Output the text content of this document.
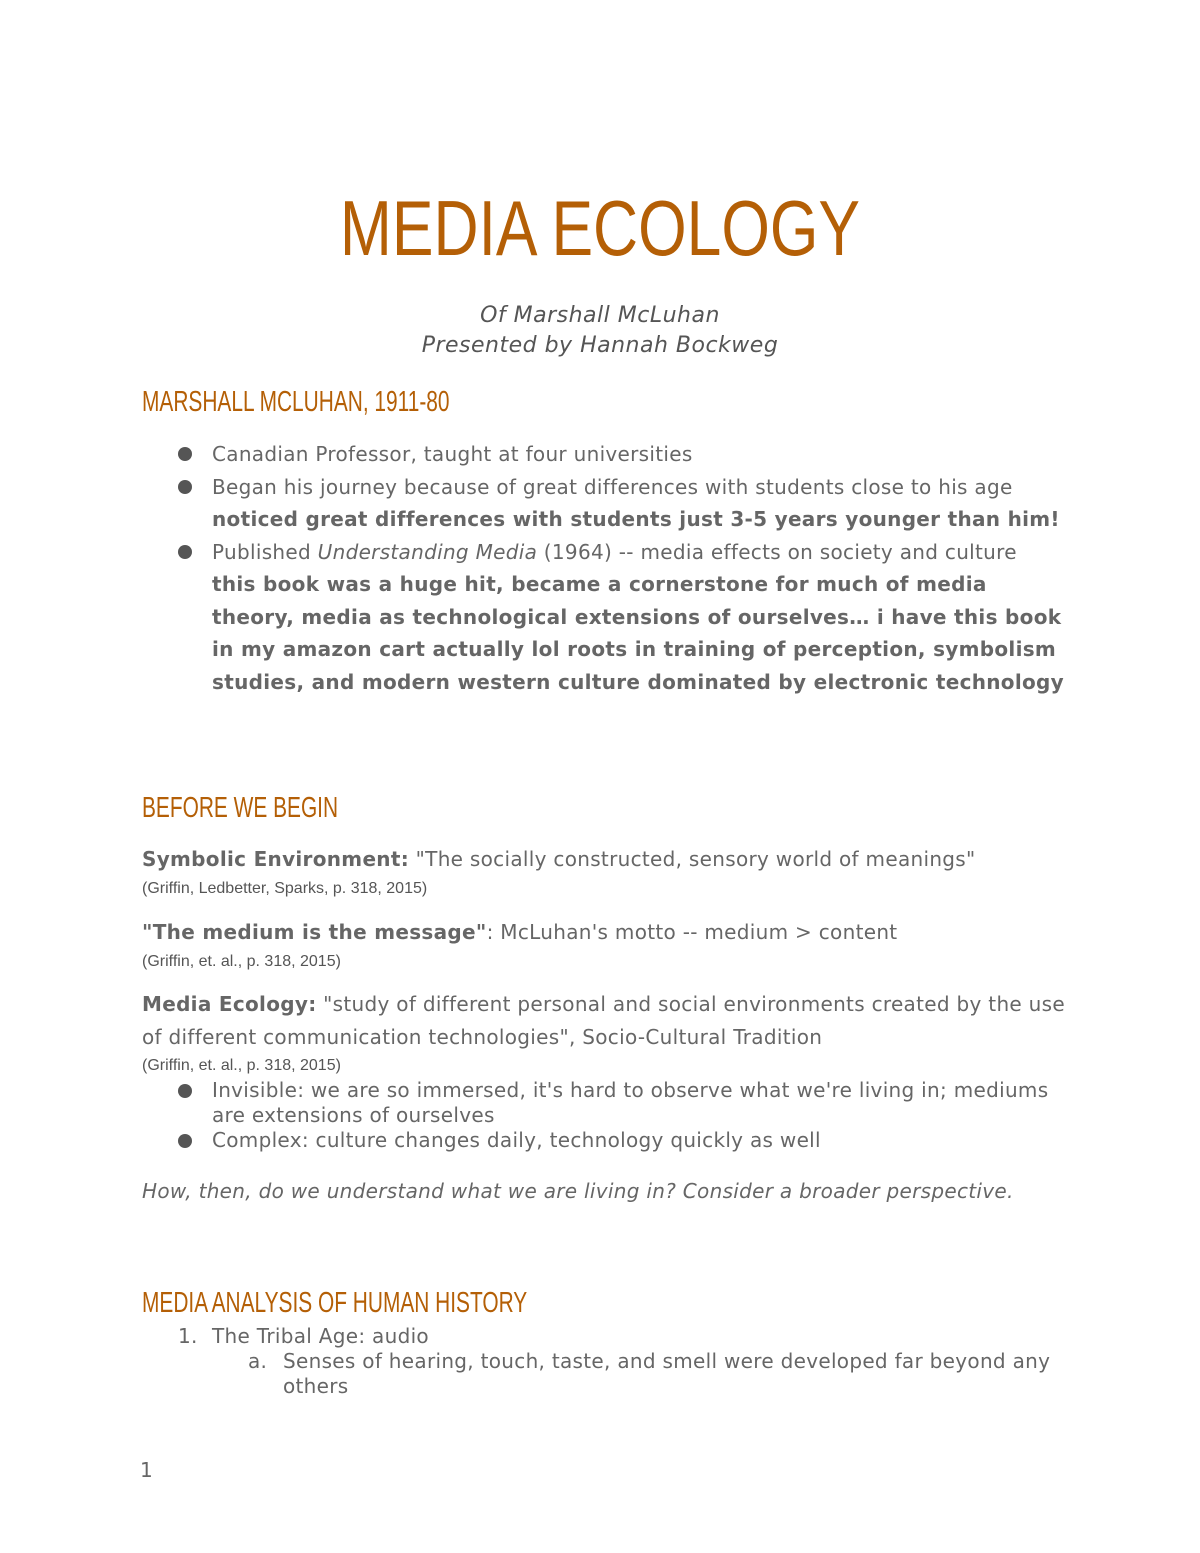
MEDIA ECOLOGY
Of Marshall McLuhan
Presented by Hannah Bockweg
MARSHALL MCLUHAN, 1911-80
Canadian Professor, taught at four universities
Began his journey because of great differences with students close to his age
noticed great differences with students just 3-5 years younger than him!
Published Understanding Media (1964) -- media effects on society and culture
this book was a huge hit, became a cornerstone for much of media theory, media as technological extensions of ourselves… i have this book in my amazon cart actually lol roots in training of perception, symbolism studies, and modern western culture dominated by electronic technology
BEFORE WE BEGIN
Symbolic Environment: "The socially constructed, sensory world of meanings"
(Griffin, Ledbetter, Sparks, p. 318, 2015)
"The medium is the message": McLuhan's motto -- medium > content
(Griffin, et. al., p. 318, 2015)
Media Ecology: "study of different personal and social environments created by the use of different communication technologies", Socio-Cultural Tradition
(Griffin, et. al., p. 318, 2015)
Invisible: we are so immersed, it's hard to observe what we're living in; mediums are extensions of ourselves
Complex: culture changes daily, technology quickly as well
How, then, do we understand what we are living in? Consider a broader perspective.
MEDIA ANALYSIS OF HUMAN HISTORY
1. The Tribal Age: audio
a. Senses of hearing, touch, taste, and smell were developed far beyond any others
1
